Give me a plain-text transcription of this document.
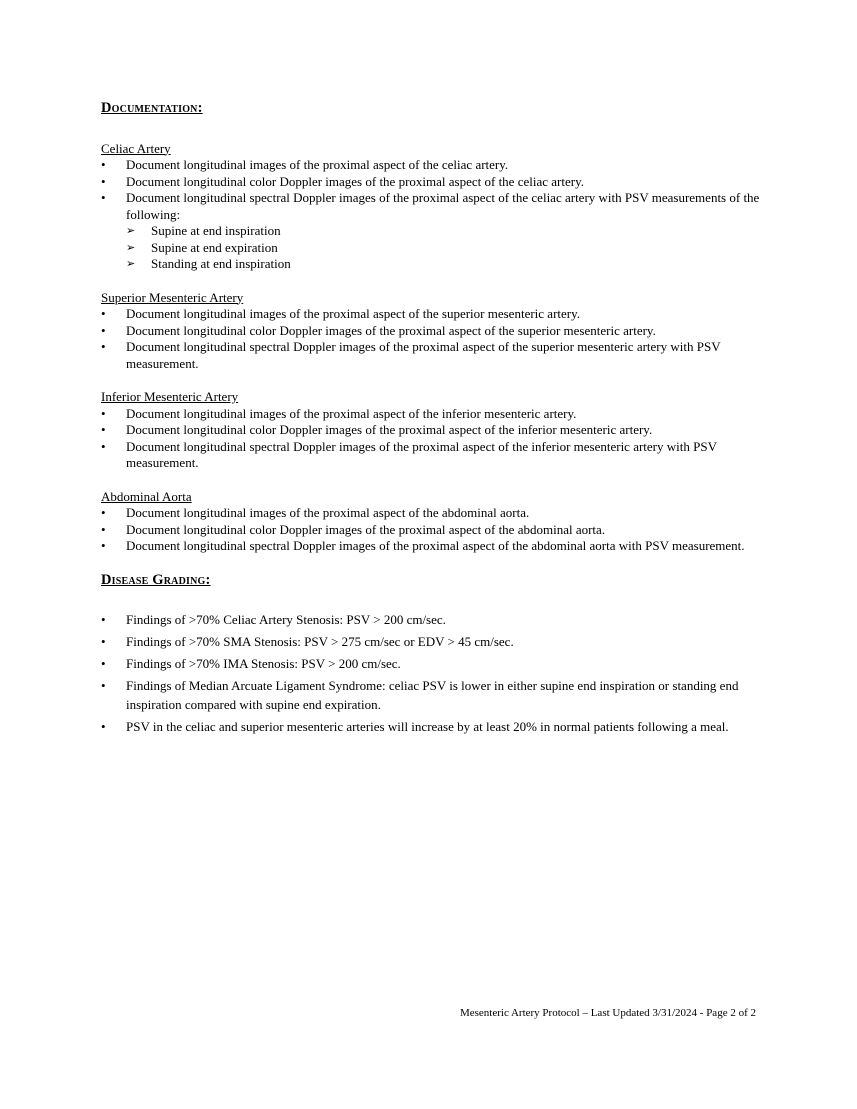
Documentation:

Celiac Artery

• Document longitudinal images of the proximal aspect of the celiac artery.
• Document longitudinal color Doppler images of the proximal aspect of the celiac artery.
• Document longitudinal spectral Doppler images of the proximal aspect of the celiac artery with PSV measurements of the following:
➢ Supine at end inspiration
➢ Supine at end expiration
➢ Standing at end inspiration

Superior Mesenteric Artery

• Document longitudinal images of the proximal aspect of the superior mesenteric artery.
• Document longitudinal color Doppler images of the proximal aspect of the superior mesenteric artery.
• Document longitudinal spectral Doppler images of the proximal aspect of the superior mesenteric artery with PSV measurement.

Inferior Mesenteric Artery

• Document longitudinal images of the proximal aspect of the inferior mesenteric artery.
• Document longitudinal color Doppler images of the proximal aspect of the inferior mesenteric artery.
• Document longitudinal spectral Doppler images of the proximal aspect of the inferior mesenteric artery with PSV measurement.

Abdominal Aorta

• Document longitudinal images of the proximal aspect of the abdominal aorta.
• Document longitudinal color Doppler images of the proximal aspect of the abdominal aorta.
• Document longitudinal spectral Doppler images of the proximal aspect of the abdominal aorta with PSV measurement.
Disease Grading:
• Findings of >70% Celiac Artery Stenosis: PSV > 200 cm/sec.
• Findings of >70% SMA Stenosis: PSV > 275 cm/sec or EDV > 45 cm/sec.
• Findings of >70% IMA Stenosis: PSV > 200 cm/sec.
• Findings of Median Arcuate Ligament Syndrome: celiac PSV is lower in either supine end inspiration or standing end inspiration compared with supine end expiration.
• PSV in the celiac and superior mesenteric arteries will increase by at least 20% in normal patients following a meal.
Mesenteric Artery Protocol – Last Updated 3/31/2024 - Page 2 of 2
